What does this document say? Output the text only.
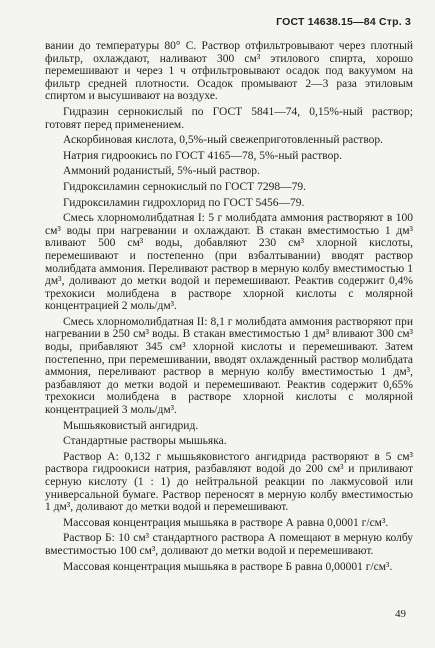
ГОСТ 14638.15—84 Стр. 3

вании до температуры 80° С. Раствор отфильтровывают через плотный фильтр, охлаждают, наливают 300 см³ этилового спирта, хорошо перемешивают и через 1 ч отфильтровывают осадок под вакуумом на фильтр средней плотности. Осадок промывают 2—3 раза этиловым спиртом и высушивают на воздухе.

Гидразин сернокислый по ГОСТ 5841—74, 0,15%-ный раствор; готовят перед применением.

Аскорбиновая кислота, 0,5%-ный свежеприготовленный раствор.

Натрия гидроокись по ГОСТ 4165—78, 5%-ный раствор.

Аммоний роданистый, 5%-ный раствор.

Гидроксиламин сернокислый по ГОСТ 7298—79.

Гидроксиламин гидрохлорид по ГОСТ 5456—79.

Смесь хлорномолибдатная I: 5 г молибдата аммония растворяют в 100 см³ воды при нагревании и охлаждают. В стакан вместимостью 1 дм³ вливают 500 см³ воды, добавляют 230 см³ хлорной кислоты, перемешивают и постепенно (при взбалтывании) вводят раствор молибдата аммония. Переливают раствор в мерную колбу вместимостью 1 дм³, доливают до метки водой и перемешивают. Реактив содержит 0,4% трехокиси молибдена в растворе хлорной кислоты с молярной концентрацией 2 моль/дм³.

Смесь хлорномолибдатная II: 8,1 г молибдата аммония растворяют при нагревании в 250 см³ воды. В стакан вместимостью 1 дм³ вливают 300 см³ воды, прибавляют 345 см³ хлорной кислоты и перемешивают. Затем постепенно, при перемешивании, вводят охлажденный раствор молибдата аммония, переливают раствор в мерную колбу вместимостью 1 дм³, разбавляют до метки водой и перемешивают. Реактив содержит 0,65% трехокиси молибдена в растворе хлорной кислоты с молярной концентрацией 3 моль/дм³.

Мышьяковистый ангидрид.

Стандартные растворы мышьяка.

Раствор А: 0,132 г мышьяковистого ангидрида растворяют в 5 см³ раствора гидроокиси натрия, разбавляют водой до 200 см³ и приливают серную кислоту (1 : 1) до нейтральной реакции по лакмусовой или универсальной бумаге. Раствор переносят в мерную колбу вместимостью 1 дм³, доливают до метки водой и перемешивают.

Массовая концентрация мышьяка в растворе А равна 0,0001 г/см³.

Раствор Б: 10 см³ стандартного раствора А помещают в мерную колбу вместимостью 100 см³, доливают до метки водой и перемешивают.

Массовая концентрация мышьяка в растворе Б равна 0,00001 г/см³.

49
